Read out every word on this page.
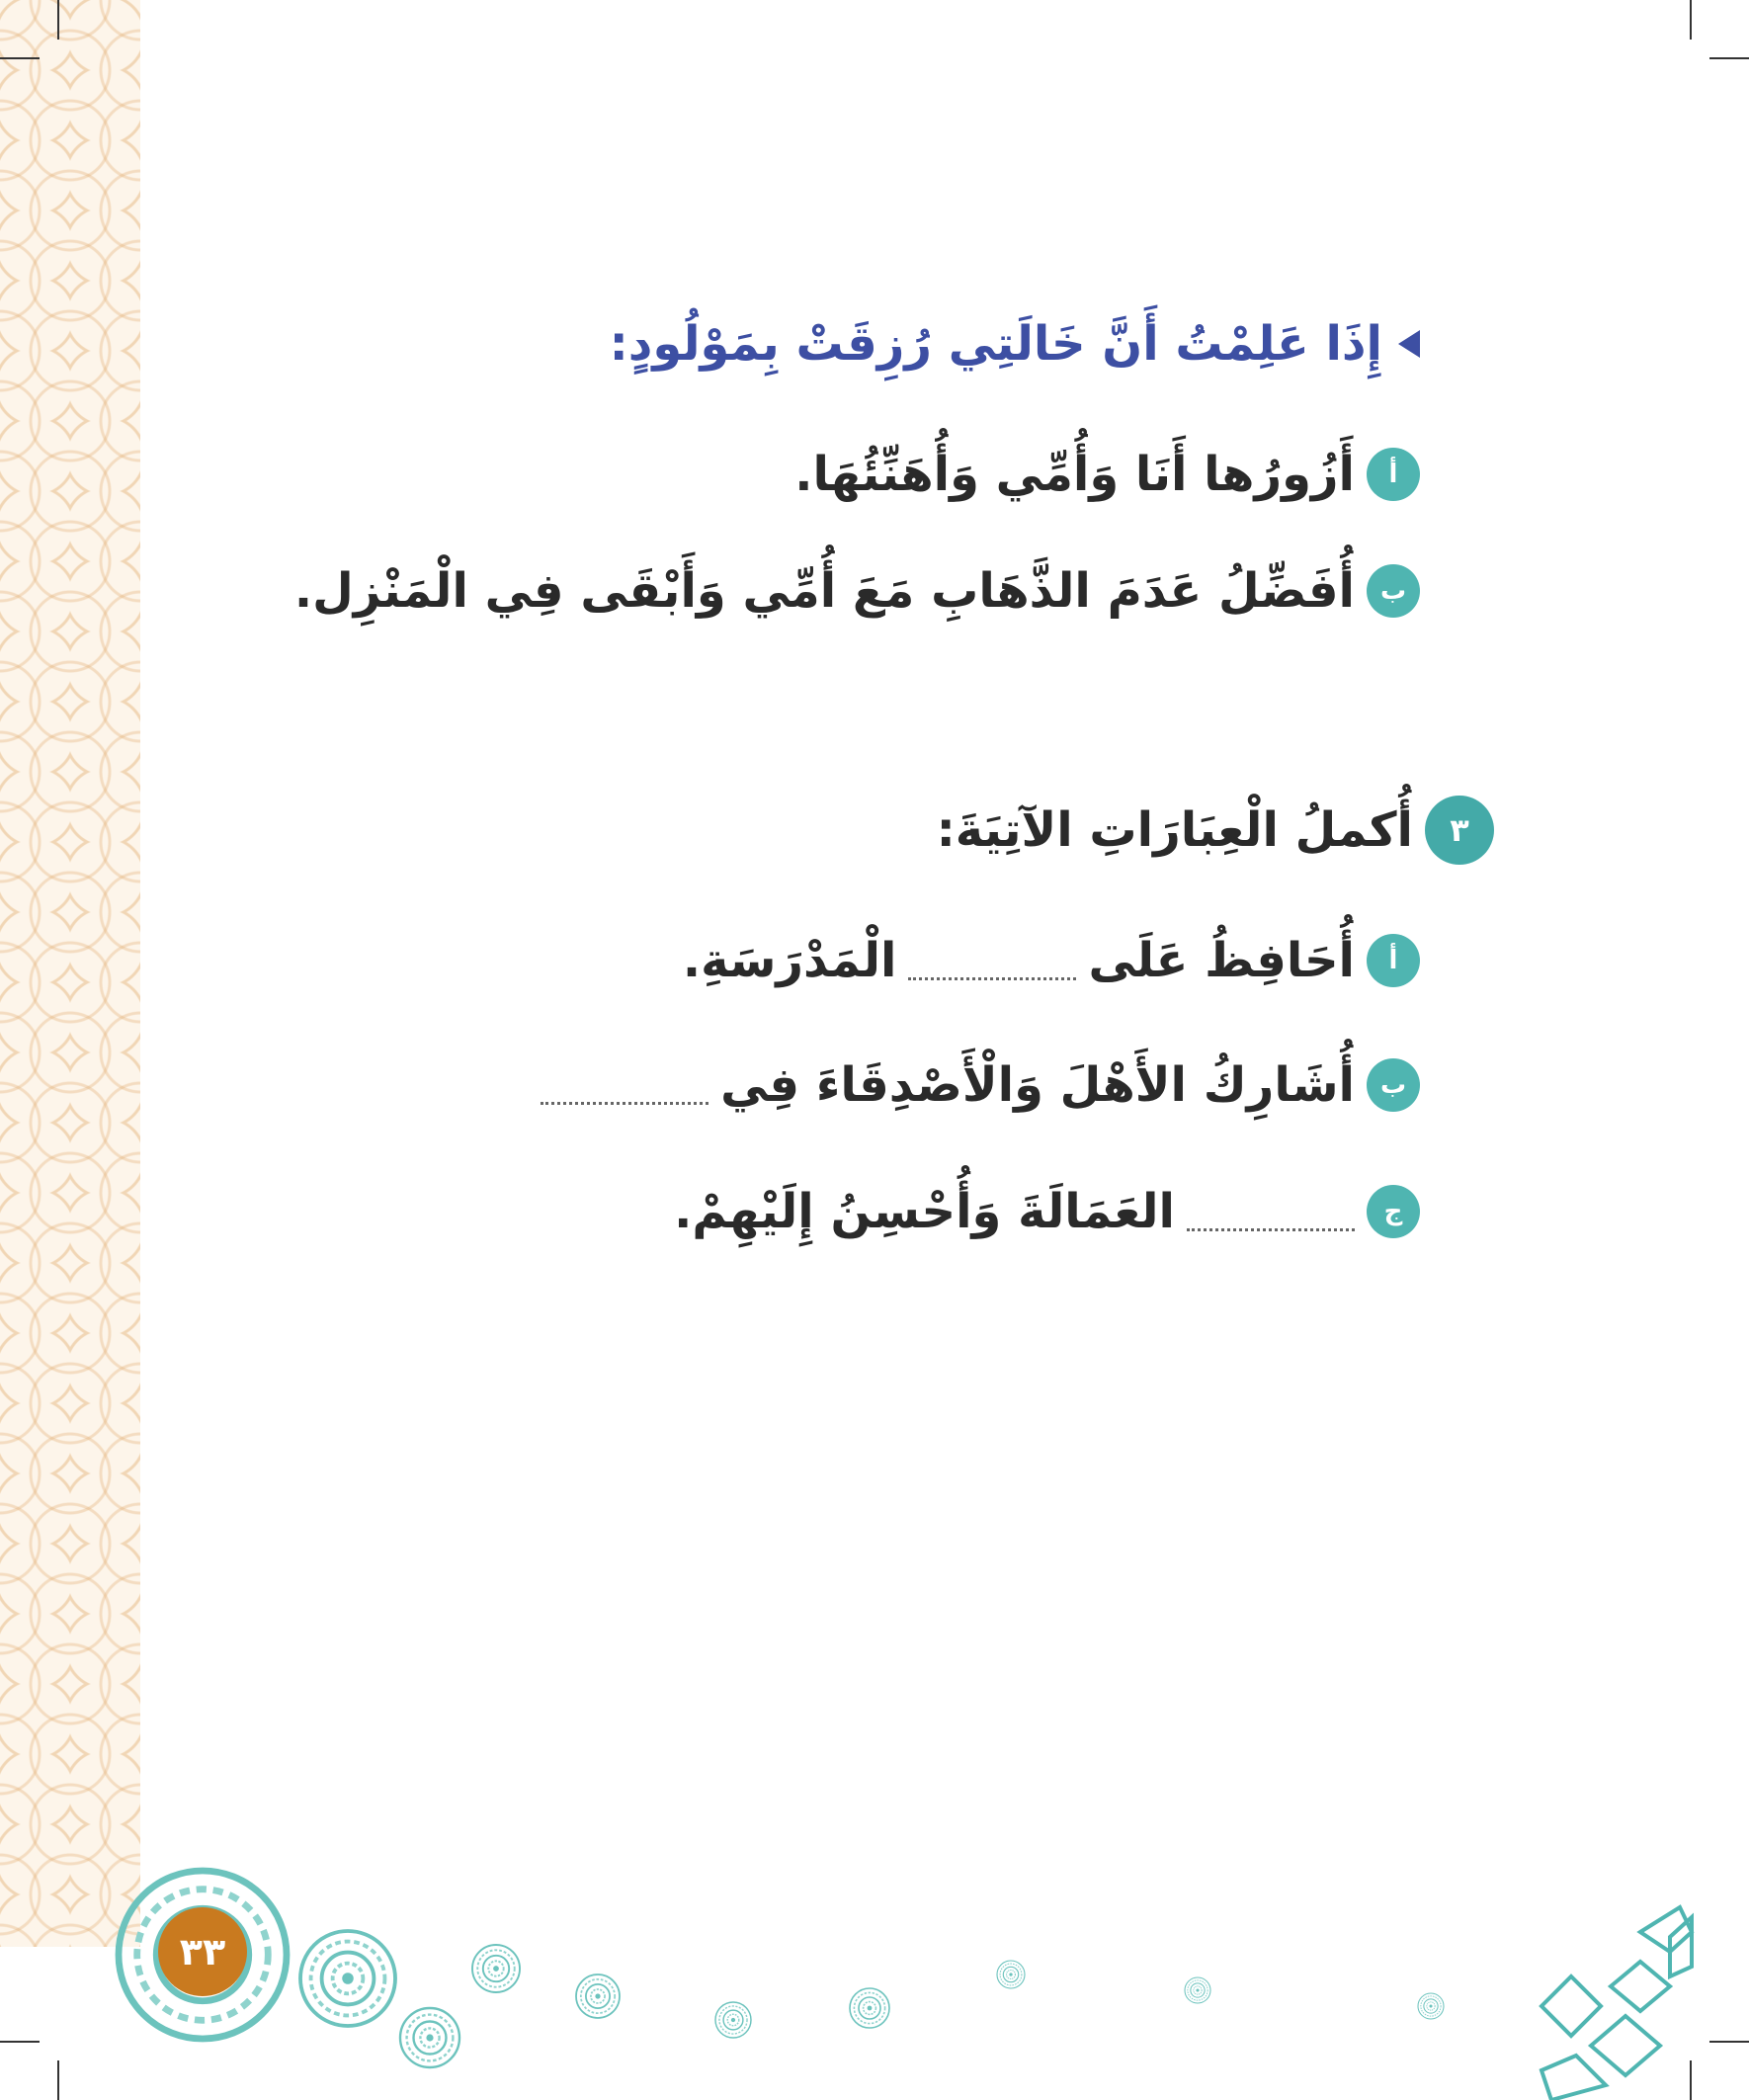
إِذَا عَلِمْتُ أَنَّ خَالَتِي رُزِقَتْ بِمَوْلُودٍ:
أ
أَزُورُها أَنَا وَأُمِّي وَأُهَنِّئُهَا.
ب
أُفَضِّلُ عَدَمَ الذَّهَابِ مَعَ أُمِّي وَأَبْقَى فِي الْمَنْزِل.
٣
أُكملُ الْعِبَارَاتِ الآتِيَةَ:
أ
أُحَافِظُ عَلَى
الْمَدْرَسَةِ.
ب
أُشَارِكُ الأَهْلَ وَالْأَصْدِقَاءَ فِي
ج
العَمَالَةَ وَأُحْسِنُ إِلَيْهِمْ.
٣٣
